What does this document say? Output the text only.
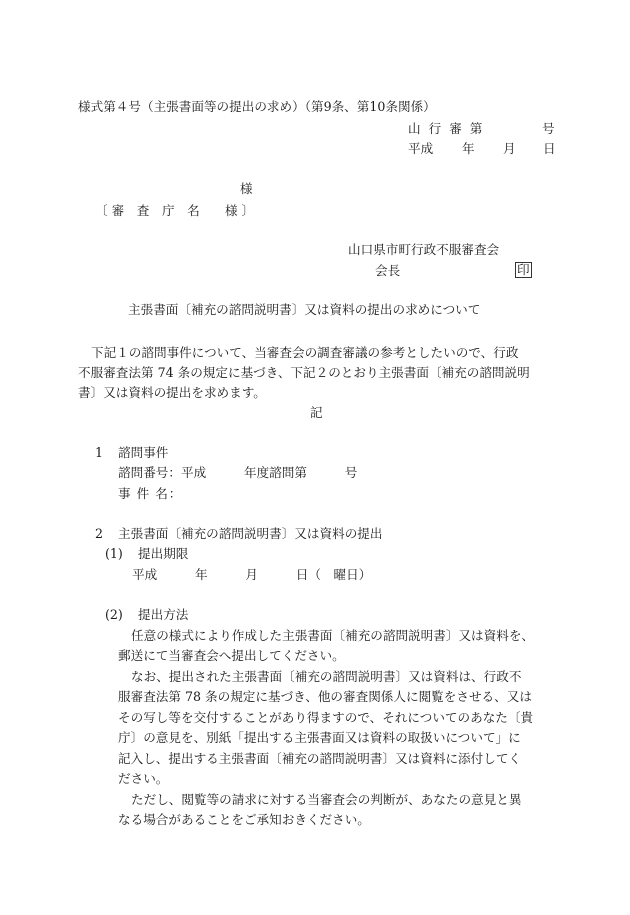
様式第４号（主張書面等の提出の求め）（第9条、第10条関係）
山 行 審 第	号
平成 年 月 日
様
〔 審　査　庁　名　　様 〕
山口県市町行政不服審査会
会長	印
主張書面〔補充の諮問説明書〕又は資料の提出の求めについて
下記１の諮問事件について、当審査会の調査審議の参考としたいので、行政
不服審査法第 74 条の規定に基づき、下記２のとおり主張書面〔補充の諮問説明
書〕又は資料の提出を求めます。
記
1 諮問事件
諮問番号：平成　　　年度諮問第　　　号
事 件 名：
2 主張書面〔補充の諮問説明書〕又は資料の提出
(1) 提出期限
平成　　　年　　　月　　　日（　曜日）
(2) 提出方法
任意の様式により作成した主張書面〔補充の諮問説明書〕又は資料を、
郵送にて当審査会へ提出してください。
なお、提出された主張書面〔補充の諮問説明書〕又は資料は、行政不
服審査法第 78 条の規定に基づき、他の審査関係人に閲覧をさせる、又は
その写し等を交付することがあり得ますので、それについてのあなた〔貴
庁〕の意見を、別紙「提出する主張書面又は資料の取扱いについて」に
記入し、提出する主張書面〔補充の諮問説明書〕又は資料に添付してく
ださい。
ただし、閲覧等の請求に対する当審査会の判断が、あなたの意見と異
なる場合があることをご承知おきください。
